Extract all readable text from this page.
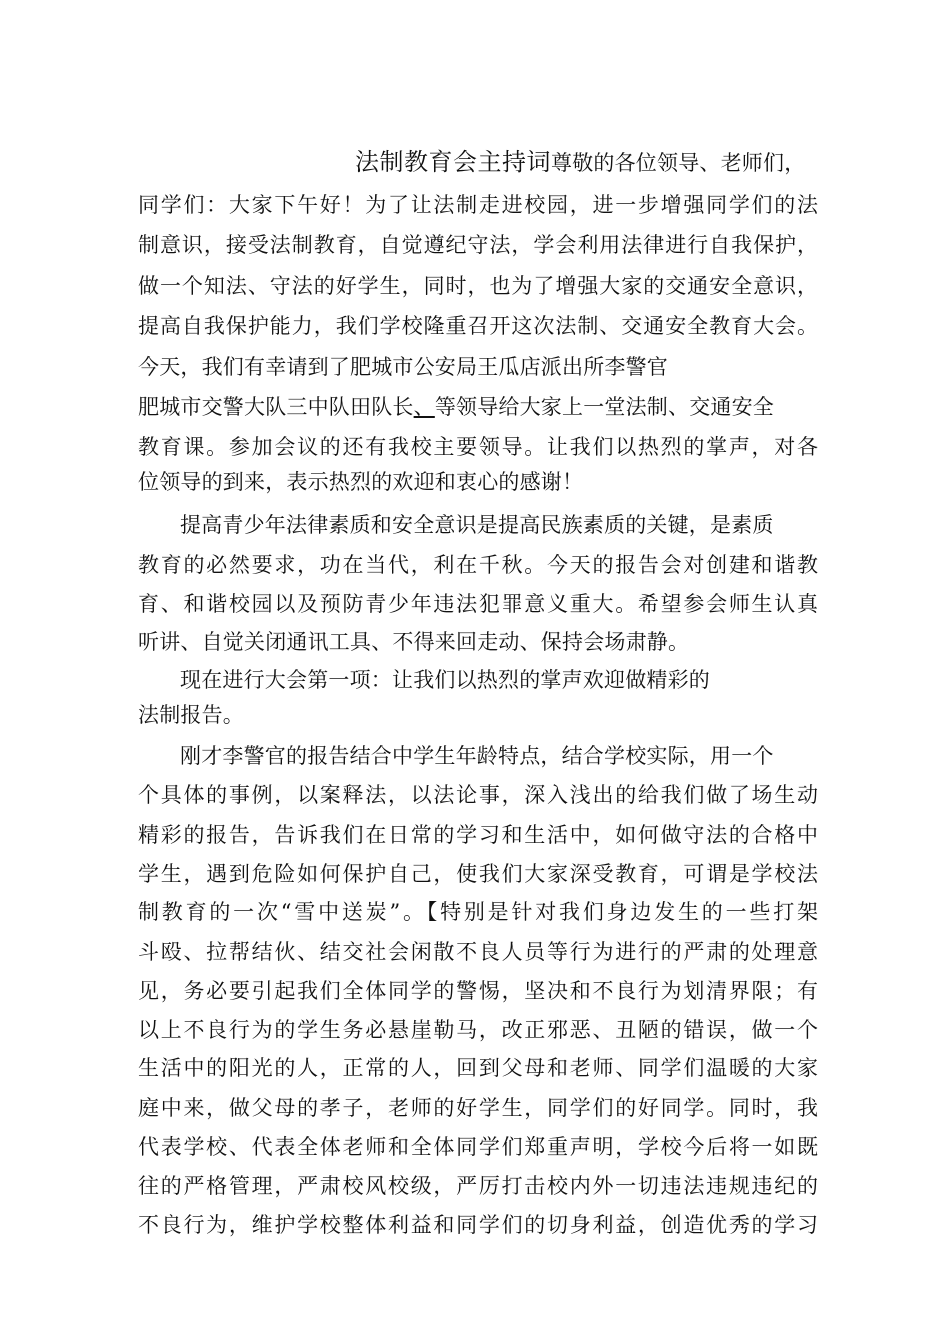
法制教育会主持词尊敬的各位领导、老师们，
同学们：大家下午好！为了让法制走进校园，进一步增强同学们的法
制意识，接受法制教育，自觉遵纪守法，学会利用法律进行自我保护，
做一个知法、守法的好学生，同时，也为了增强大家的交通安全意识，
提高自我保护能力，我们学校隆重召开这次法制、交通安全教育大会。
今天，我们有幸请到了肥城市公安局王瓜店派出所李警官
肥城市交警大队三中队田队长、等领导给大家上一堂法制、交通安全
教育课。参加会议的还有我校主要领导。让我们以热烈的掌声，对各
位领导的到来，表示热烈的欢迎和衷心的感谢！
提高青少年法律素质和安全意识是提高民族素质的关键，是素质
教育的必然要求，功在当代，利在千秋。今天的报告会对创建和谐教
育、和谐校园以及预防青少年违法犯罪意义重大。希望参会师生认真
听讲、自觉关闭通讯工具、不得来回走动、保持会场肃静。
现在进行大会第一项：让我们以热烈的掌声欢迎做精彩的
法制报告。
刚才李警官的报告结合中学生年龄特点，结合学校实际，用一个
个具体的事例，以案释法，以法论事，深入浅出的给我们做了场生动
精彩的报告，告诉我们在日常的学习和生活中，如何做守法的合格中
学生，遇到危险如何保护自己，使我们大家深受教育，可谓是学校法
制教育的一次“雪中送炭”。【特别是针对我们身边发生的一些打架
斗殴、拉帮结伙、结交社会闲散不良人员等行为进行的严肃的处理意
见，务必要引起我们全体同学的警惕，坚决和不良行为划清界限；有
以上不良行为的学生务必悬崖勒马，改正邪恶、丑陋的错误，做一个
生活中的阳光的人，正常的人，回到父母和老师、同学们温暖的大家
庭中来，做父母的孝子，老师的好学生，同学们的好同学。同时，我
代表学校、代表全体老师和全体同学们郑重声明，学校今后将一如既
往的严格管理，严肃校风校级，严厉打击校内外一切违法违规违纪的
不良行为，维护学校整体利益和同学们的切身利益，创造优秀的学习
